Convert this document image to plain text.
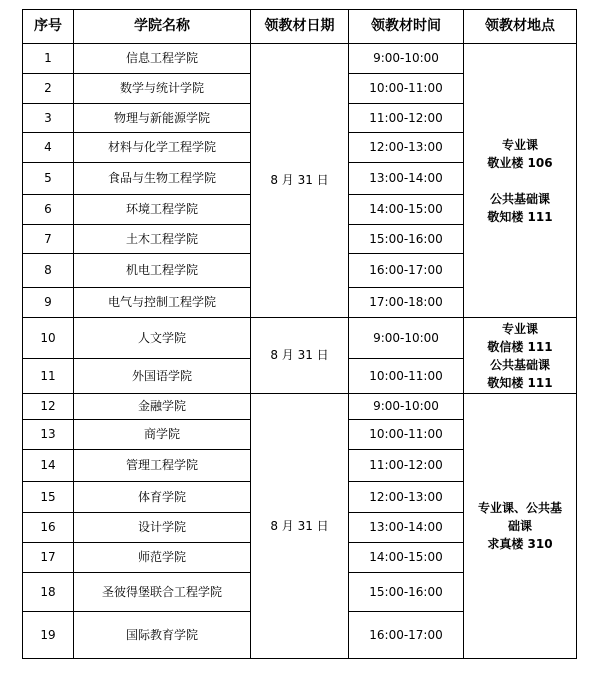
序号	学院名称	领教材日期	领教材时间	领教材地点
1	信息工程学院	8 月 31 日	9:00-10:00	专业课
敬业楼 106
公共基础课
敬知楼 111

2	数学与统计学院		10:00-11:00	
3	物理与新能源学院		11:00-12:00	
4	材料与化学工程学院		12:00-13:00	
5	食品与生物工程学院		13:00-14:00	
6	环境工程学院		14:00-15:00	
7	土木工程学院		15:00-16:00	
8	机电工程学院		16:00-17:00	
9	电气与控制工程学院		17:00-18:00	
10	人文学院	8 月 31 日	9:00-10:00	专业课
敬信楼 111
公共基础课
敬知楼 111

11	外国语学院		10:00-11:00	
12	金融学院	8 月 31 日	9:00-10:00	专业课、公共基
础课
求真楼 310

13	商学院		10:00-11:00	
14	管理工程学院		11:00-12:00	
15	体育学院		12:00-13:00	
16	设计学院		13:00-14:00	
17	师范学院		14:00-15:00	
18	圣彼得堡联合工程学院		15:00-16:00	
19	国际教育学院		16:00-17:00	
